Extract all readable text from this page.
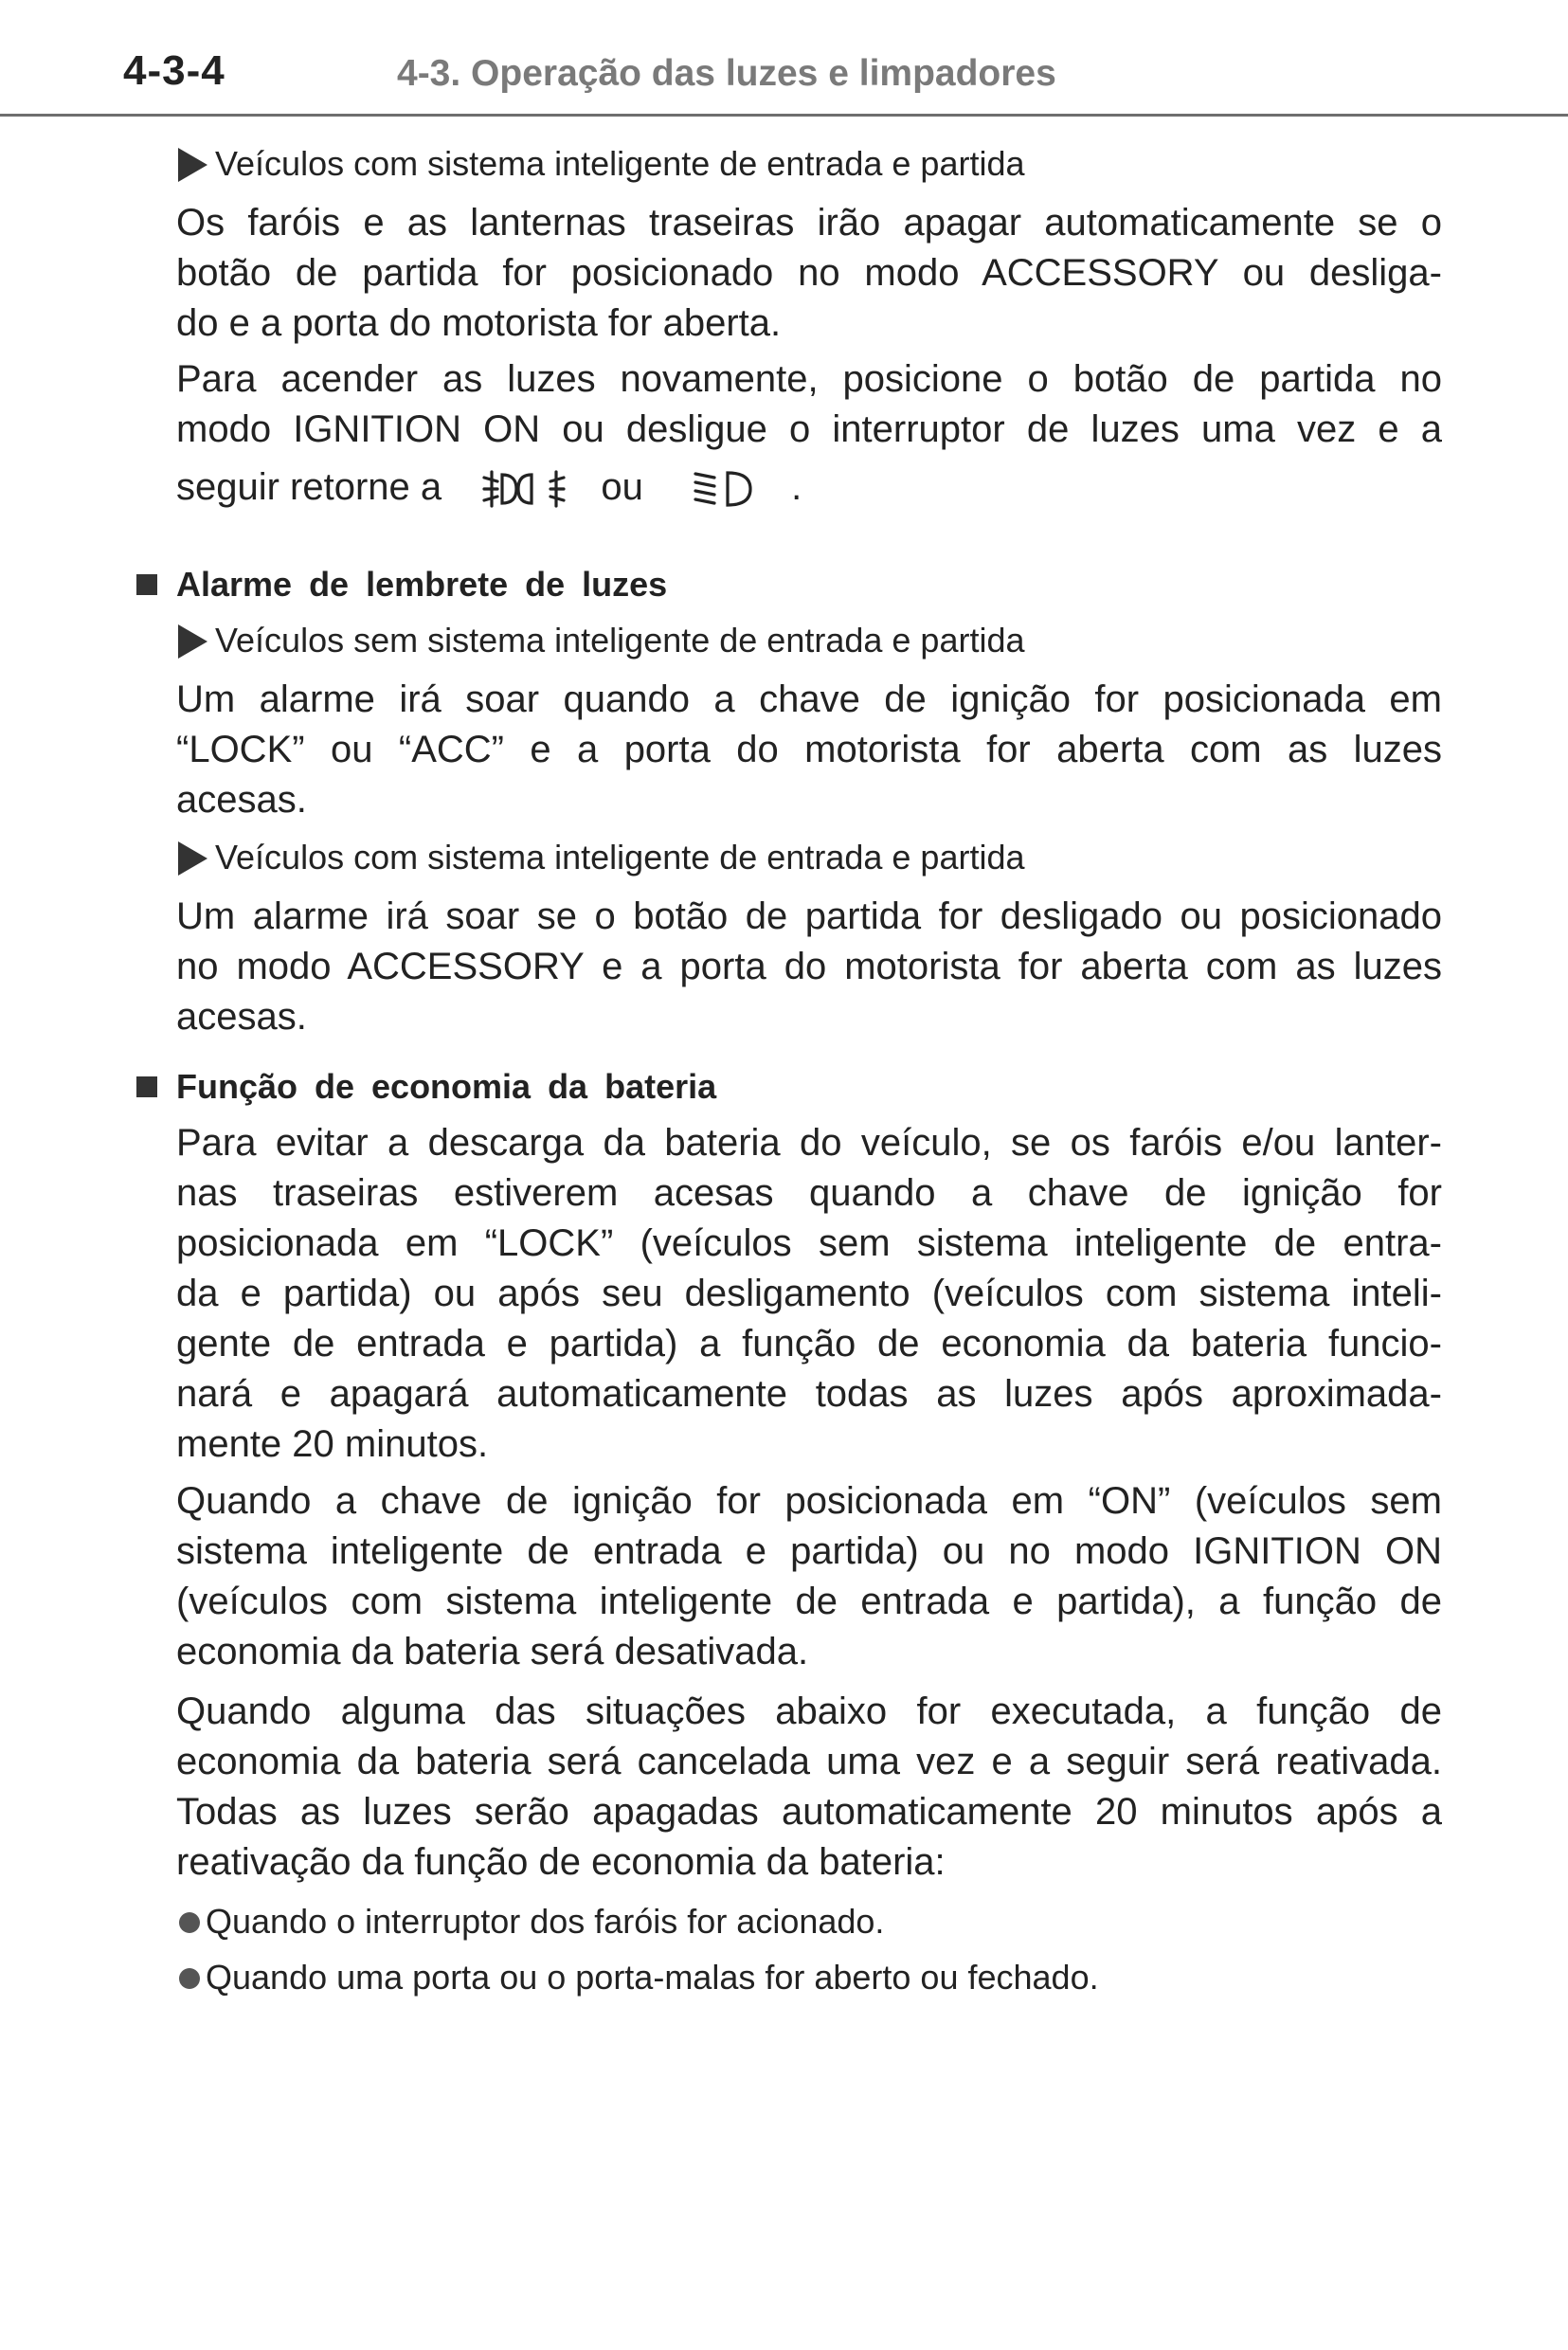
4-3-4	4-3. Operação das luzes e limpadores
Veículos com sistema inteligente de entrada e partida
Os faróis e as lanternas traseiras irão apagar automaticamente se o
botão de partida for posicionado no modo ACCESSORY ou desliga-
do e a porta do motorista for aberta.
Para acender as luzes novamente, posicione o botão de partida no
modo IGNITION ON ou desligue o interruptor de luzes uma vez e a
seguir retorne a	ou	.
Alarme de lembrete de luzes
Veículos sem sistema inteligente de entrada e partida
Um alarme irá soar quando a chave de ignição for posicionada em
“LOCK” ou “ACC” e a porta do motorista for aberta com as luzes
acesas.
Veículos com sistema inteligente de entrada e partida
Um alarme irá soar se o botão de partida for desligado ou posicionado
no modo ACCESSORY e a porta do motorista for aberta com as luzes
acesas.
Função de economia da bateria
Para evitar a descarga da bateria do veículo, se os faróis e/ou lanter-
nas traseiras estiverem acesas quando a chave de ignição for
posicionada em “LOCK” (veículos sem sistema inteligente de entra-
da e partida) ou após seu desligamento (veículos com sistema inteli-
gente de entrada e partida) a função de economia da bateria funcio-
nará e apagará automaticamente todas as luzes após aproximada-
mente 20 minutos.
Quando a chave de ignição for posicionada em “ON” (veículos sem
sistema inteligente de entrada e partida) ou no modo IGNITION ON
(veículos com sistema inteligente de entrada e partida), a função de
economia da bateria será desativada.
Quando alguma das situações abaixo for executada, a função de
economia da bateria será cancelada uma vez e a seguir será reativada.
Todas as luzes serão apagadas automaticamente 20 minutos após a
reativação da função de economia da bateria:
Quando o interruptor dos faróis for acionado.
Quando uma porta ou o porta-malas for aberto ou fechado.
